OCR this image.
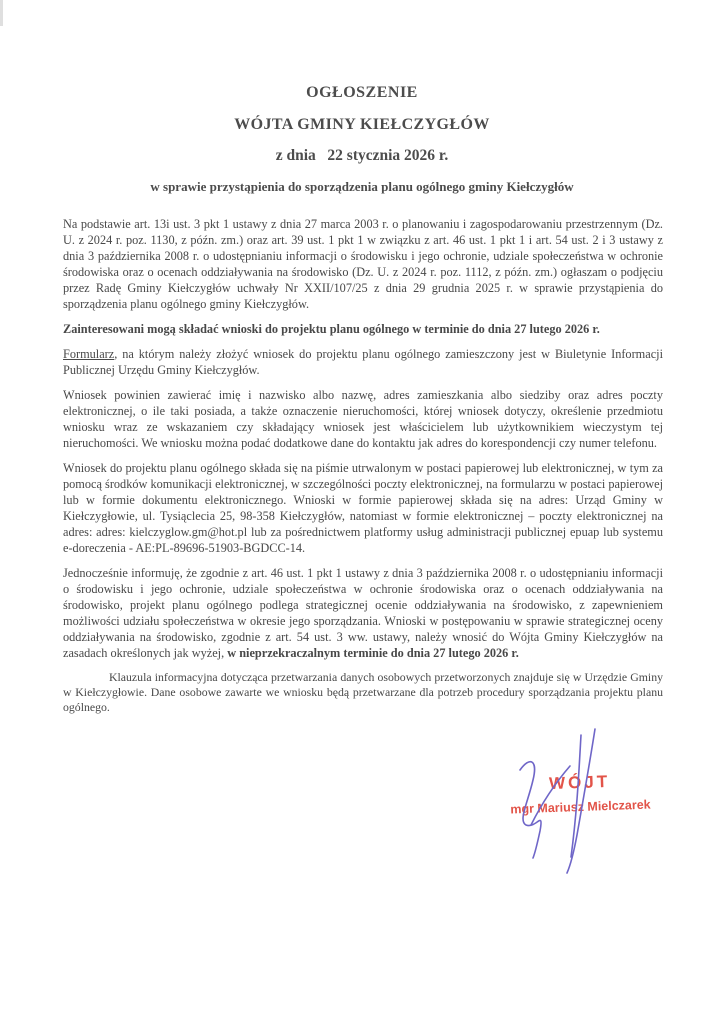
OGŁOSZENIE
WÓJTA GMINY KIEŁCZYGŁÓW
z dnia   22 stycznia 2026 r.
w sprawie przystąpienia do sporządzenia planu ogólnego gminy Kiełczygłów

Na podstawie art. 13i ust. 3 pkt 1 ustawy z dnia 27 marca 2003 r. o planowaniu i zagospodarowaniu przestrzennym (Dz. U. z 2024 r. poz. 1130, z późn. zm.) oraz art. 39 ust. 1 pkt 1 w związku z art. 46 ust. 1 pkt 1 i art. 54 ust. 2 i 3 ustawy z dnia 3 października 2008 r. o udostępnianiu informacji o środowisku i jego ochronie, udziale społeczeństwa w ochronie środowiska oraz o ocenach oddziaływania na środowisko (Dz. U. z 2024 r. poz. 1112, z późn. zm.) ogłaszam o podjęciu przez Radę Gminy Kiełczygłów uchwały Nr XXII/107/25 z dnia 29 grudnia 2025 r. w sprawie przystąpienia do sporządzenia planu ogólnego gminy Kiełczygłów.

Zainteresowani mogą składać wnioski do projektu planu ogólnego w terminie do dnia 27 lutego 2026 r.

Formularz, na którym należy złożyć wniosek do projektu planu ogólnego zamieszczony jest w Biuletynie Informacji Publicznej Urzędu Gminy Kiełczygłów.

Wniosek powinien zawierać imię i nazwisko albo nazwę, adres zamieszkania albo siedziby oraz adres poczty elektronicznej, o ile taki posiada, a także oznaczenie nieruchomości, której wniosek dotyczy, określenie przedmiotu wniosku wraz ze wskazaniem czy składający wniosek jest właścicielem lub użytkownikiem wieczystym tej nieruchomości. We wniosku można podać dodatkowe dane do kontaktu jak adres do korespondencji czy numer telefonu.

Wniosek do projektu planu ogólnego składa się na piśmie utrwalonym w postaci papierowej lub elektronicznej, w tym za pomocą środków komunikacji elektronicznej, w szczególności poczty elektronicznej, na formularzu w postaci papierowej lub w formie dokumentu elektronicznego. Wnioski w formie papierowej składa się na adres: Urząd Gminy w Kiełczygłowie, ul. Tysiąclecia 25, 98-358 Kiełczygłów, natomiast w formie elektronicznej – poczty elektronicznej na adres: adres: kielczyglow.gm@hot.pl lub za pośrednictwem platformy usług administracji publicznej epuap lub systemu e-doreczenia - AE:PL-89696-51903-BGDCC-14.

Jednocześnie informuję, że zgodnie z art. 46 ust. 1 pkt 1 ustawy z dnia 3 października 2008 r. o udostępnianiu informacji o środowisku i jego ochronie, udziale społeczeństwa w ochronie środowiska oraz o ocenach oddziaływania na środowisko, projekt planu ogólnego podlega strategicznej ocenie oddziaływania na środowisko, z zapewnieniem możliwości udziału społeczeństwa w okresie jego sporządzania. Wnioski w postępowaniu w sprawie strategicznej oceny oddziaływania na środowisko, zgodnie z art. 54 ust. 3 ww. ustawy, należy wnosić do Wójta Gminy Kiełczygłów na zasadach określonych jak wyżej, w nieprzekraczalnym terminie do dnia 27 lutego 2026 r.

Klauzula informacyjna dotycząca przetwarzania danych osobowych przetworzonych znajduje się w Urzędzie Gminy w Kiełczygłowie. Dane osobowe zawarte we wniosku będą przetwarzane dla potrzeb procedury sporządzania projektu planu ogólnego.

WÓJT
mgr Mariusz Mielczarek
